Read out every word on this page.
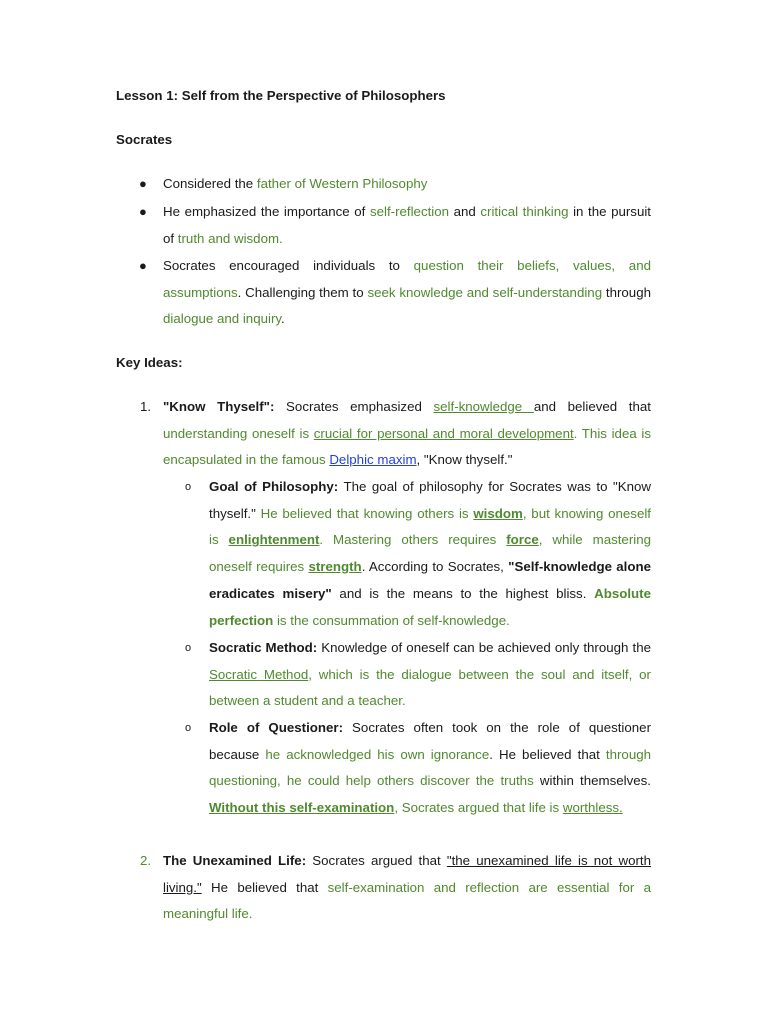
Lesson 1: Self from the Perspective of Philosophers
Socrates
● Considered the father of Western Philosophy
● He emphasized the importance of self-reflection and critical thinking in the pursuit of truth and wisdom.
● Socrates encouraged individuals to question their beliefs, values, and assumptions. Challenging them to seek knowledge and self-understanding through dialogue and inquiry.
Key Ideas:
1. "Know Thyself": Socrates emphasized self-knowledge and believed that understanding oneself is crucial for personal and moral development. This idea is encapsulated in the famous Delphic maxim, "Know thyself."
o Goal of Philosophy: The goal of philosophy for Socrates was to "Know thyself." He believed that knowing others is wisdom, but knowing oneself is enlightenment. Mastering others requires force, while mastering oneself requires strength. According to Socrates, "Self-knowledge alone eradicates misery" and is the means to the highest bliss. Absolute perfection is the consummation of self-knowledge.
o Socratic Method: Knowledge of oneself can be achieved only through the Socratic Method, which is the dialogue between the soul and itself, or between a student and a teacher.
o Role of Questioner: Socrates often took on the role of questioner because he acknowledged his own ignorance. He believed that through questioning, he could help others discover the truths within themselves. Without this self-examination, Socrates argued that life is worthless.
2. The Unexamined Life: Socrates argued that "the unexamined life is not worth living." He believed that self-examination and reflection are essential for a meaningful life.
